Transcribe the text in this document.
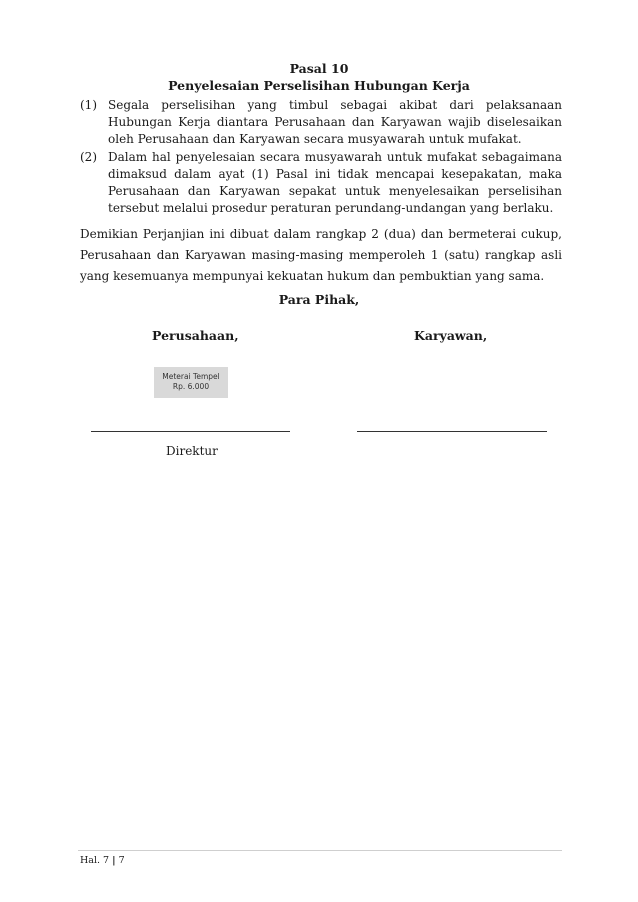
Pasal 10
Penyelesaian Perselisihan Hubungan Kerja
(1) Segala perselisihan yang timbul sebagai akibat dari pelaksanaan Hubungan Kerja diantara Perusahaan dan Karyawan wajib diselesaikan oleh Perusahaan dan Karyawan secara musyawarah untuk mufakat.
(2) Dalam hal penyelesaian secara musyawarah untuk mufakat sebagaimana dimaksud dalam ayat (1) Pasal ini tidak mencapai kesepakatan, maka Perusahaan dan Karyawan sepakat untuk menyelesaikan perselisihan tersebut melalui prosedur peraturan perundang-undangan yang berlaku.
Demikian Perjanjian ini dibuat dalam rangkap 2 (dua) dan bermeterai cukup, Perusahaan dan Karyawan masing-masing memperoleh 1 (satu) rangkap asli yang kesemuanya mempunyai kekuatan hukum dan pembuktian yang sama.
Para Pihak,
Perusahaan,	Karyawan,
Meterai Tempel
Rp. 6.000
Direktur
Hal. 7 | 7
